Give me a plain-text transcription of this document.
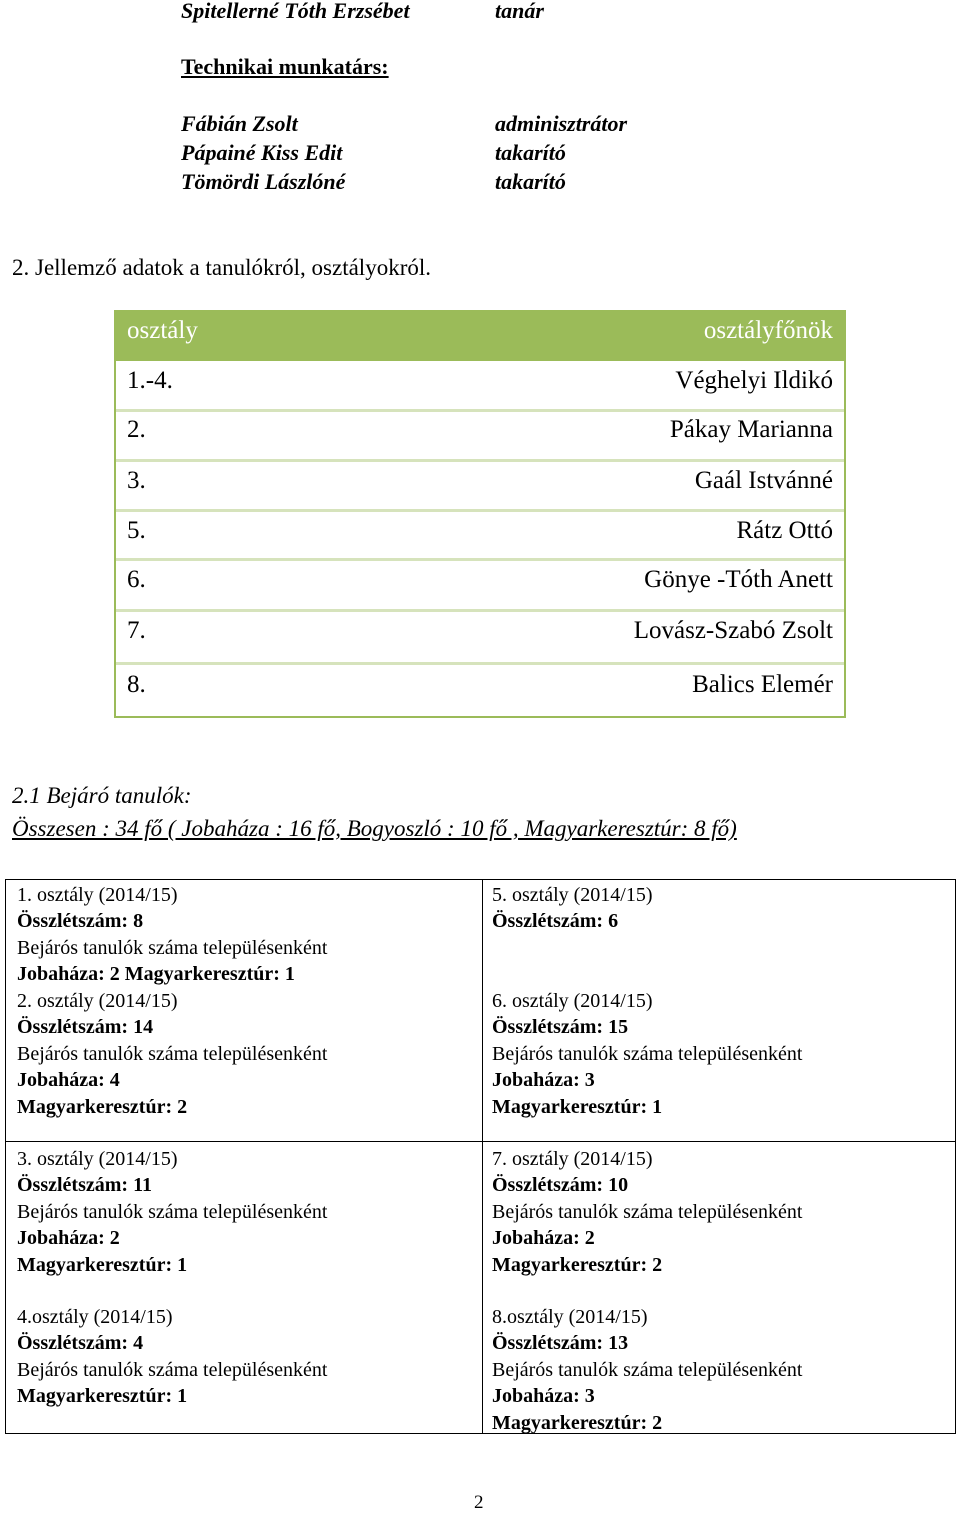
Spitellerné Tóth Erzsébet	tanár
Technikai munkatárs:
Fábián Zsolt	adminisztrátor
Pápainé Kiss Edit	takarító
Tömördi Lászlóné	takarító
2. Jellemző adatok a tanulókról, osztályokról.
osztály	osztályfőnök
1.-4.	Véghelyi Ildikó
2.	Pákay Marianna
3.	Gaál Istvánné
5.	Rátz Ottó
6.	Gönye -Tóth Anett
7.	Lovász-Szabó Zsolt
8.	Balics Elemér
2.1 Bejáró tanulók:
Összesen : 34 fő ( Jobaháza : 16 fő, Bogyoszló : 10 fő , Magyarkeresztúr: 8 fő)
1. osztály (2014/15)
Összlétszám: 8
Bejárós tanulók száma településenként
Jobaháza: 2 Magyarkeresztúr: 1
2. osztály (2014/15)
Összlétszám: 14
Bejárós tanulók száma településenként
Jobaháza: 4
Magyarkeresztúr: 2
3. osztály (2014/15)
Összlétszám: 11
Bejárós tanulók száma településenként
Jobaháza: 2
Magyarkeresztúr: 1
4.osztály (2014/15)
Összlétszám: 4
Bejárós tanulók száma településenként
Magyarkeresztúr: 1
5. osztály (2014/15)
Összlétszám: 6
6. osztály (2014/15)
Összlétszám: 15
Bejárós tanulók száma településenként
Jobaháza: 3
Magyarkeresztúr: 1
7. osztály (2014/15)
Összlétszám: 10
Bejárós tanulók száma településenként
Jobaháza: 2
Magyarkeresztúr: 2
8.osztály (2014/15)
Összlétszám: 13
Bejárós tanulók száma településenként
Jobaháza: 3
Magyarkeresztúr: 2
2
